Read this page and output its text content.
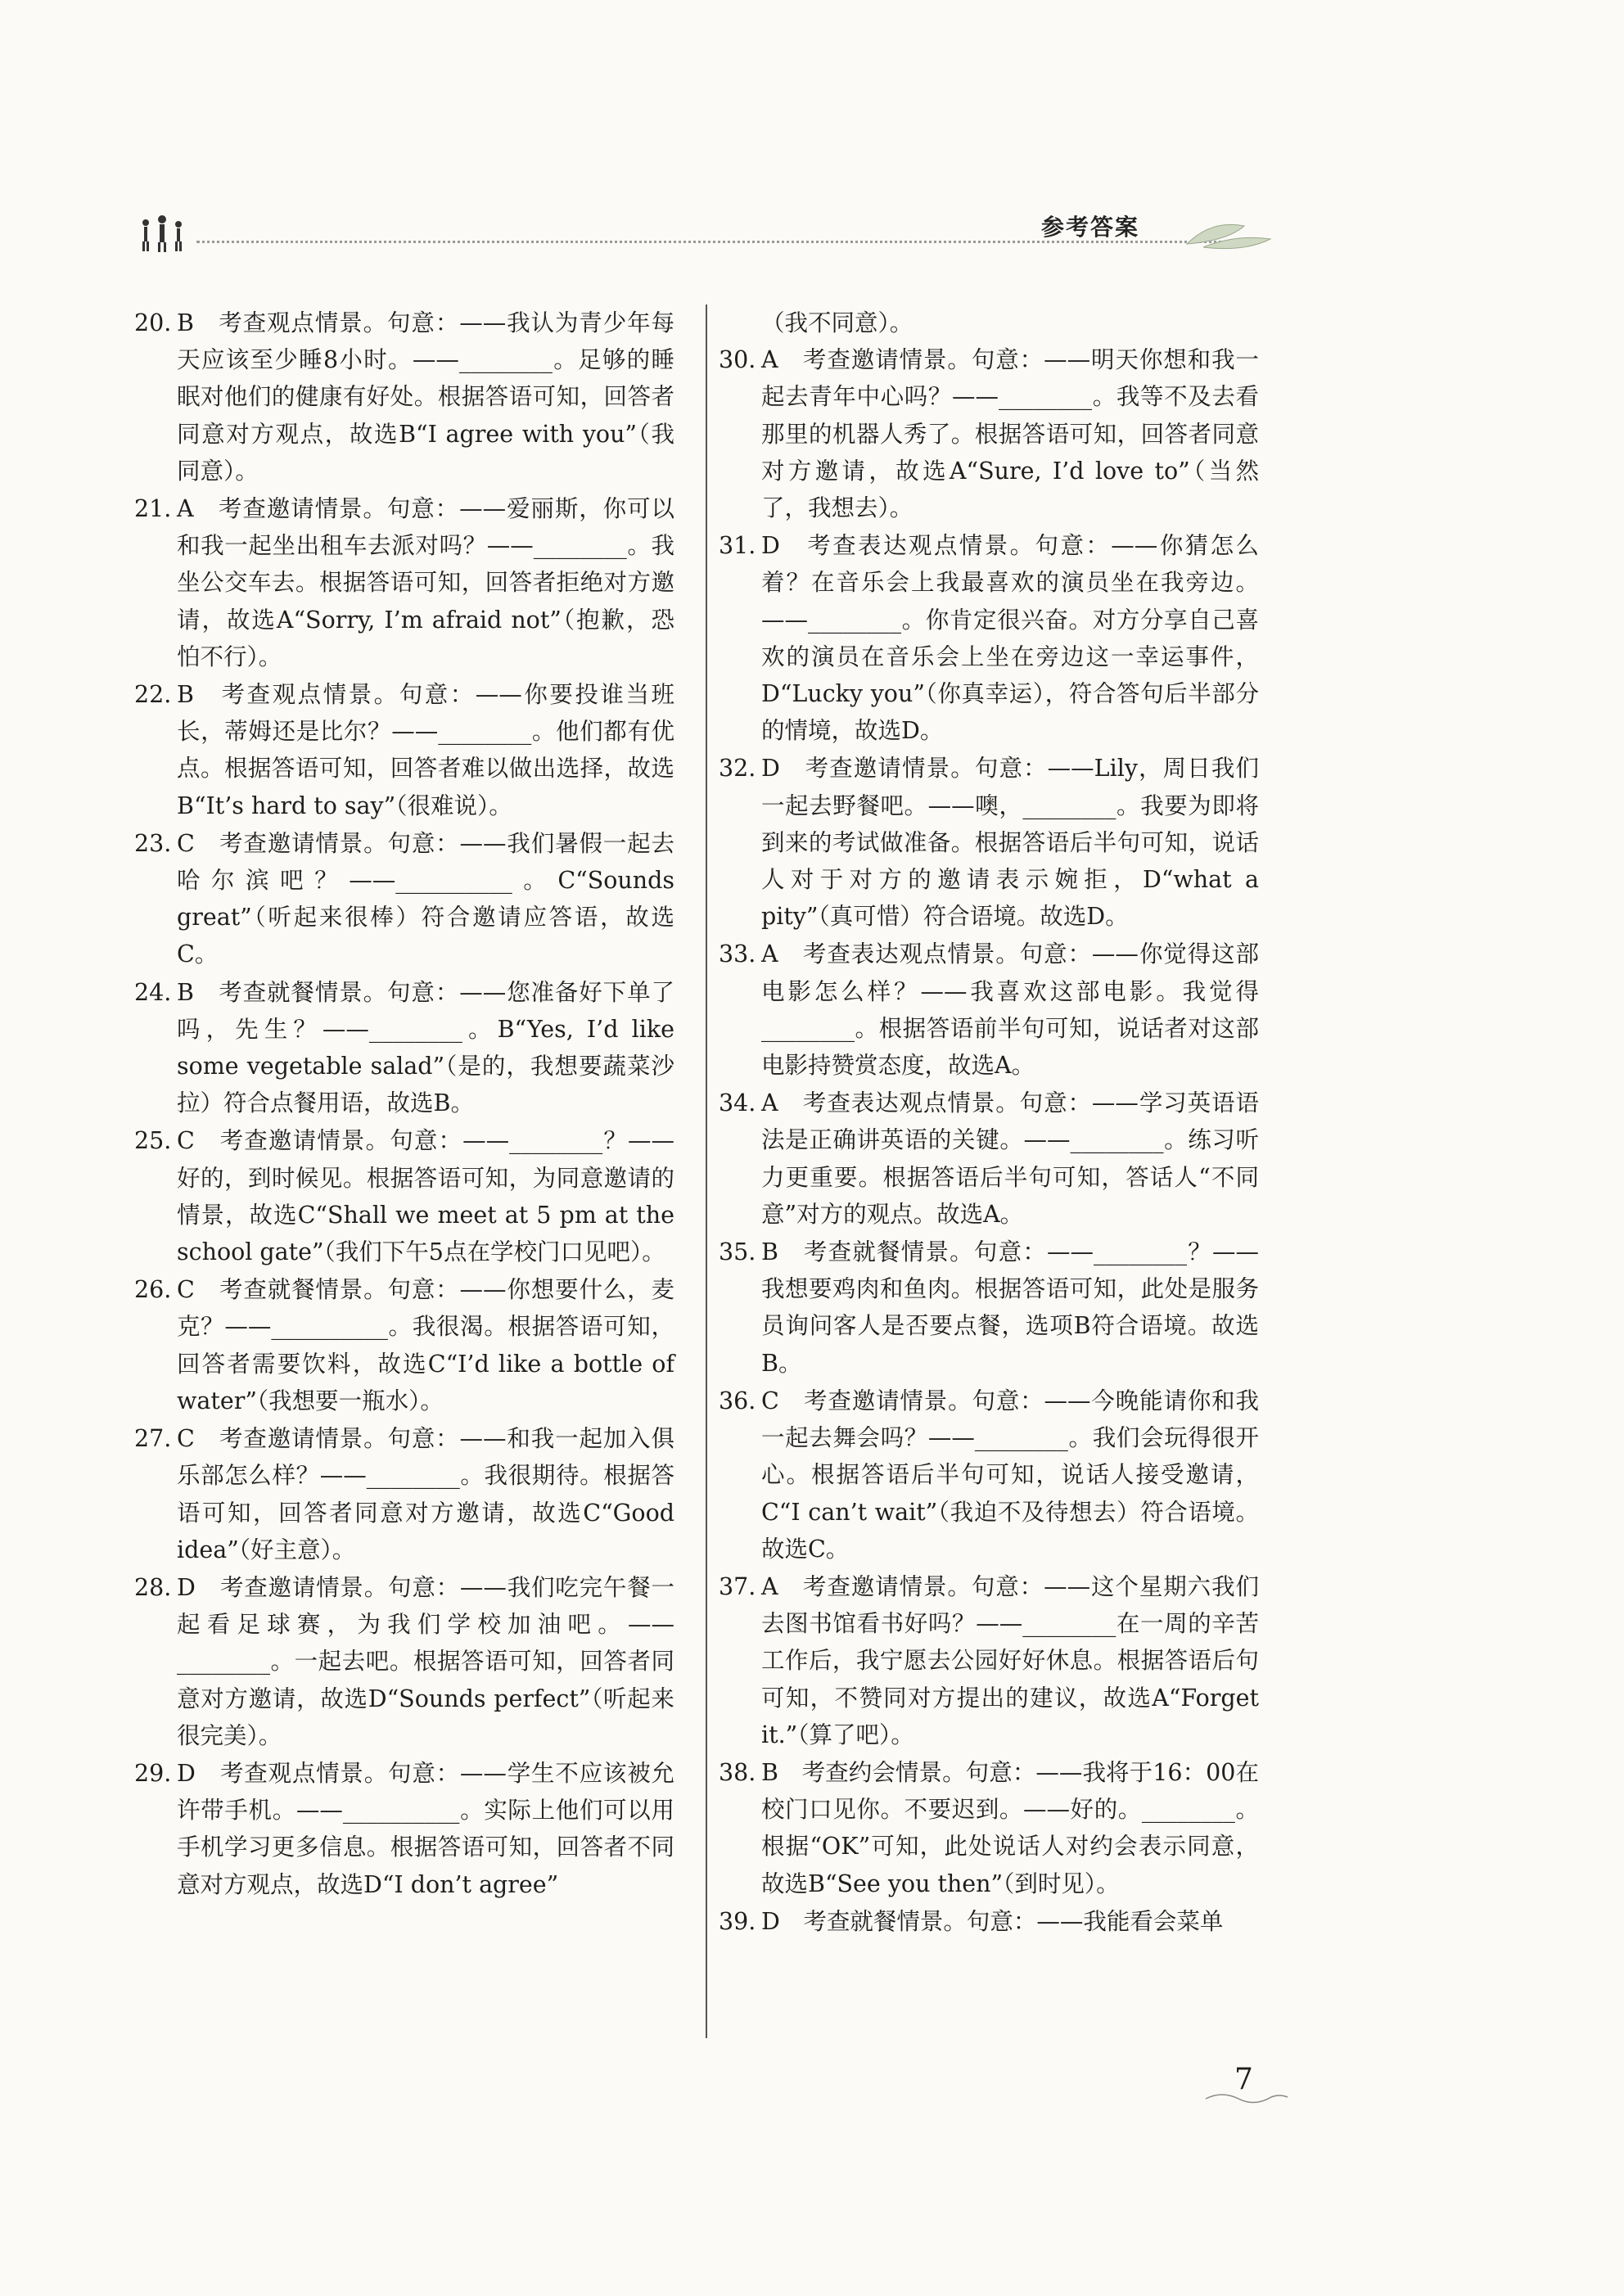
参考答案
20. B　考查观点情景。句意：——我认为青少年每天应该至少睡8小时。——________。足够的睡眠对他们的健康有好处。根据答语可知，回答者同意对方观点，故选B“I agree with you”（我同意）。
21. A　考查邀请情景。句意：——爱丽斯，你可以和我一起坐出租车去派对吗？——________。我坐公交车去。根据答语可知，回答者拒绝对方邀请，故选A“Sorry, I’m afraid not”（抱歉，恐怕不行）。
22. B　考查观点情景。句意：——你要投谁当班长，蒂姆还是比尔？——________。他们都有优点。根据答语可知，回答者难以做出选择，故选B“It’s hard to say”（很难说）。
23. C　考查邀请情景。句意：——我们暑假一起去哈尔滨吧？——__________。C“Sounds great”（听起来很棒）符合邀请应答语，故选C。
24. B　考查就餐情景。句意：——您准备好下单了吗，先生？——________。B“Yes, I’d like some vegetable salad”（是的，我想要蔬菜沙拉）符合点餐用语，故选B。
25. C　考查邀请情景。句意：——________？——好的，到时候见。根据答语可知，为同意邀请的情景，故选C“Shall we meet at 5 pm at the school gate”（我们下午5点在学校门口见吧）。
26. C　考查就餐情景。句意：——你想要什么，麦克？——__________。我很渴。根据答语可知，回答者需要饮料，故选C“I’d like a bottle of water”（我想要一瓶水）。
27. C　考查邀请情景。句意：——和我一起加入俱乐部怎么样？——________。我很期待。根据答语可知，回答者同意对方邀请，故选C“Good idea”（好主意）。
28. D　考查邀请情景。句意：——我们吃完午餐一起看足球赛，为我们学校加油吧。——________。一起去吧。根据答语可知，回答者同意对方邀请，故选D“Sounds perfect”（听起来很完美）。
29. D　考查观点情景。句意：——学生不应该被允许带手机。——__________。实际上他们可以用手机学习更多信息。根据答语可知，回答者不同意对方观点，故选D“I don’t agree”
（我不同意）。
30. A　考查邀请情景。句意：——明天你想和我一起去青年中心吗？——________。我等不及去看那里的机器人秀了。根据答语可知，回答者同意对方邀请，故选A“Sure, I’d love to”（当然了，我想去）。
31. D　考查表达观点情景。句意：——你猜怎么着？在音乐会上我最喜欢的演员坐在我旁边。——________。你肯定很兴奋。对方分享自己喜欢的演员在音乐会上坐在旁边这一幸运事件，D“Lucky you”（你真幸运），符合答句后半部分的情境，故选D。
32. D　考查邀请情景。句意：——Lily，周日我们一起去野餐吧。——噢，________。我要为即将到来的考试做准备。根据答语后半句可知，说话人对于对方的邀请表示婉拒，D“what a pity”（真可惜）符合语境。故选D。
33. A　考查表达观点情景。句意：——你觉得这部电影怎么样？——我喜欢这部电影。我觉得________。根据答语前半句可知，说话者对这部电影持赞赏态度，故选A。
34. A　考查表达观点情景。句意：——学习英语语法是正确讲英语的关键。——________。练习听力更重要。根据答语后半句可知，答话人“不同意”对方的观点。故选A。
35. B　考查就餐情景。句意：——________？——我想要鸡肉和鱼肉。根据答语可知，此处是服务员询问客人是否要点餐，选项B符合语境。故选B。
36. C　考查邀请情景。句意：——今晚能请你和我一起去舞会吗？——________。我们会玩得很开心。根据答语后半句可知，说话人接受邀请，C“I can’t wait”（我迫不及待想去）符合语境。故选C。
37. A　考查邀请情景。句意：——这个星期六我们去图书馆看书好吗？——________在一周的辛苦工作后，我宁愿去公园好好休息。根据答语后句可知，不赞同对方提出的建议，故选A“Forget it.”（算了吧）。
38. B　考查约会情景。句意：——我将于16：00在校门口见你。不要迟到。——好的。________。根据“OK”可知，此处说话人对约会表示同意，故选B“See you then”（到时见）。
39. D　考查就餐情景。句意：——我能看会菜单
7
